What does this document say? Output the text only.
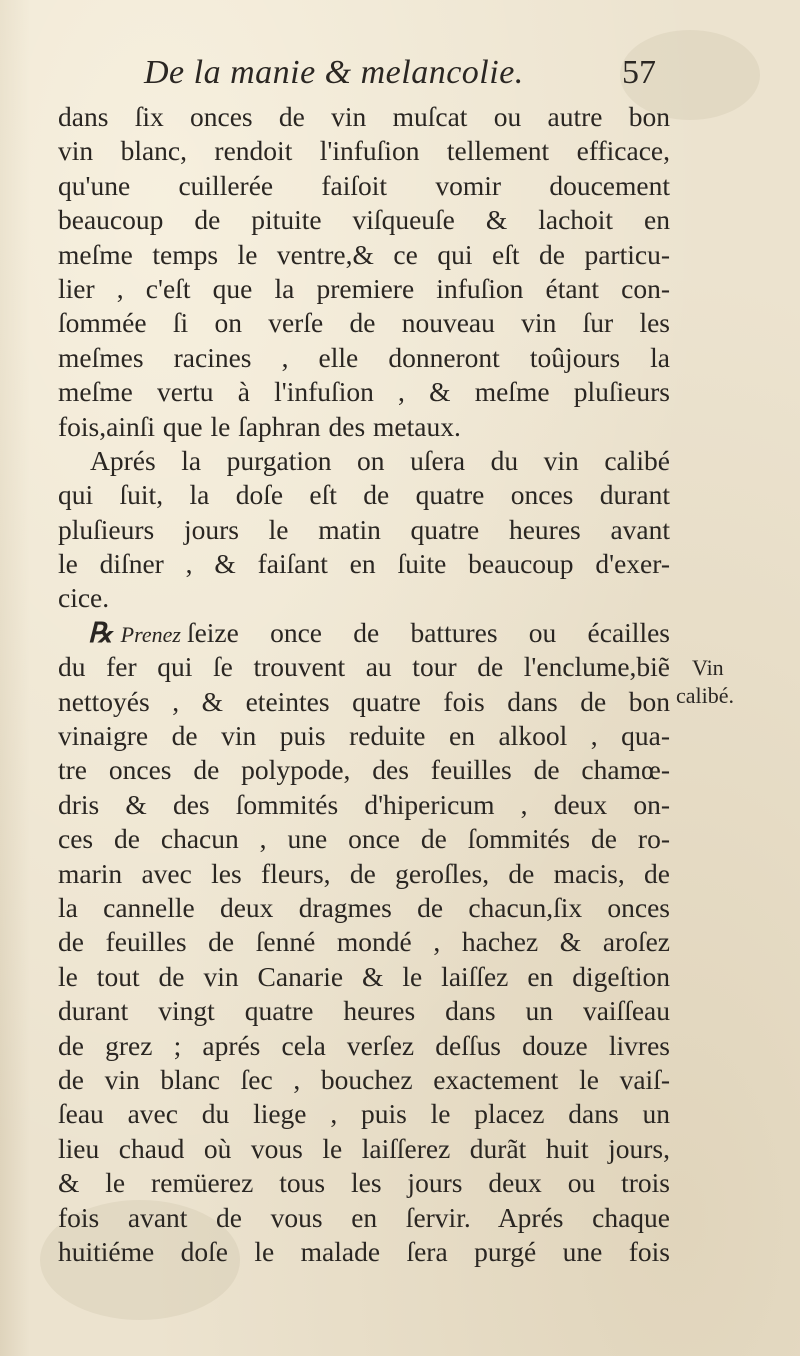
De la manie & melancolie.	57
dans ſix onces de vin muſcat ou autre bon
vin blanc, rendoit l'infuſion tellement efficace,
qu'une cuillerée faiſoit vomir doucement
beaucoup de pituite viſqueuſe & lachoit en
meſme temps le ventre,& ce qui eſt de particu-
lier , c'eſt que la premiere infuſion étant con-
ſommée ſi on verſe de nouveau vin ſur les
meſmes racines , elle donneront toûjours la
meſme vertu à l'infuſion , & meſme pluſieurs
fois,ainſi que le ſaphran des metaux.
Aprés la purgation on uſera du vin calibé
qui ſuit, la doſe eſt de quatre onces durant
pluſieurs jours le matin quatre heures avant
le diſner , & faiſant en ſuite beaucoup d'exer-
cice.
℞ Prenez ſeize once de battures ou écailles
du fer qui ſe trouvent au tour de l'enclume,biẽ
nettoyés , & eteintes quatre fois dans de bon
vinaigre de vin puis reduite en alkool , qua-
tre onces de polypode, des feuilles de chamœ-
dris & des ſommités d'hipericum , deux on-
ces de chacun , une once de ſommités de ro-
marin avec les fleurs, de geroſles, de macis, de
la cannelle deux dragmes de chacun,ſix onces
de feuilles de ſenné mondé , hachez & aroſez
le tout de vin Canarie & le laiſſez en digeſtion
durant vingt quatre heures dans un vaiſſeau
de grez ; aprés cela verſez deſſus douze livres
de vin blanc ſec , bouchez exactement le vaiſ-
ſeau avec du liege , puis le placez dans un
lieu chaud où vous le laiſſerez durãt huit jours,
& le remüerez tous les jours deux ou trois
fois avant de vous en ſervir. Aprés chaque
huitiéme doſe le malade ſera purgé une fois
Vin
calibé.
